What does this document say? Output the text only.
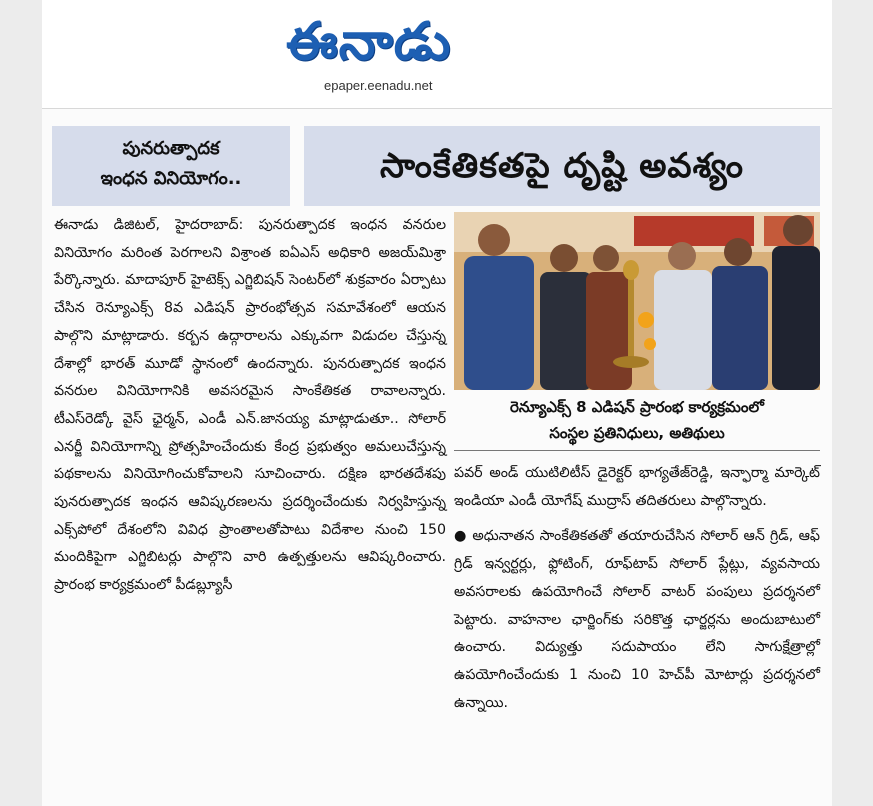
ఈనాడు
epaper.eenadu.net
పునరుత్పాదక
ఇంధన వినియోగం..	సాంకేతికతపై దృష్టి అవశ్యం

ఈనాడు డిజిటల్, హైదరాబాద్: పునరుత్పాదక ఇంధన వనరుల వినియోగం మరింత పెరగాలని విశ్రాంత ఐఏఎస్ అధికారి అజయ్‌మిశ్రా పేర్కొన్నారు. మాదాపూర్ హైటెక్స్ ఎగ్జిబిషన్ సెంటర్‌లో శుక్రవారం ఏర్పాటు చేసిన రెన్యూఎక్స్ 8వ ఎడిషన్ ప్రారంభోత్సవ సమావేశంలో ఆయన పాల్గొని మాట్లాడారు. కర్బన ఉద్గారాలను ఎక్కువగా విడుదల చేస్తున్న దేశాల్లో భారత్ మూడో స్థానంలో ఉందన్నారు. పునరుత్పాదక ఇంధన వనరుల వినియోగానికి అవసరమైన సాంకేతికత రావాలన్నారు. టీఎస్‌రెడ్కో వైస్ ఛైర్మన్, ఎండీ ఎన్.జానయ్య మాట్లాడుతూ.. సోలార్ ఎనర్జీ వినియోగాన్ని ప్రోత్సహించేందుకు కేంద్ర ప్రభుత్వం అమలుచేస్తున్న పథకాలను వినియోగించుకోవాలని సూచించారు. దక్షిణ భారతదేశపు పునరుత్పాదక ఇంధన ఆవిష్కరణలను ప్రదర్శించేందుకు నిర్వహిస్తున్న ఎక్స్‌పోలో దేశంలోని వివిధ ప్రాంతాలతోపాటు విదేశాల నుంచి 150 మందికిపైగా ఎగ్జిబిటర్లు పాల్గొని వారి ఉత్పత్తులను ఆవిష్కరించారు. ప్రారంభ కార్యక్రమంలో పీడబ్ల్యూసీ

రెన్యూఎక్స్ 8 ఎడిషన్ ప్రారంభ కార్యక్రమంలో
సంస్థల ప్రతినిధులు, అతిథులు

పవర్ అండ్ యుటిలిటీస్ డైరెక్టర్ భాగ్యతేజ్‌రెడ్డి, ఇన్ఫార్మా మార్కెట్ ఇండియా ఎండీ యోగేష్ ముద్రాస్ తదితరులు పాల్గొన్నారు.

● అధునాతన సాంకేతికతతో తయారుచేసిన సోలార్ ఆన్ గ్రిడ్, ఆఫ్ గ్రిడ్ ఇన్వర్టర్లు, ఫ్లోటింగ్, రూఫ్‌టాప్ సోలార్ ప్లేట్లు, వ్యవసాయ అవసరాలకు ఉపయోగించే సోలార్ వాటర్ పంపులు ప్రదర్శనలో పెట్టారు. వాహనాల ఛార్జింగ్‌కు సరికొత్త ఛార్జర్లను అందుబాటులో ఉంచారు. విద్యుత్తు సదుపాయం లేని సాగుక్షేత్రాల్లో ఉపయోగించేందుకు 1 నుంచి 10 హెచ్‌పీ మోటార్లు ప్రదర్శనలో ఉన్నాయి.
